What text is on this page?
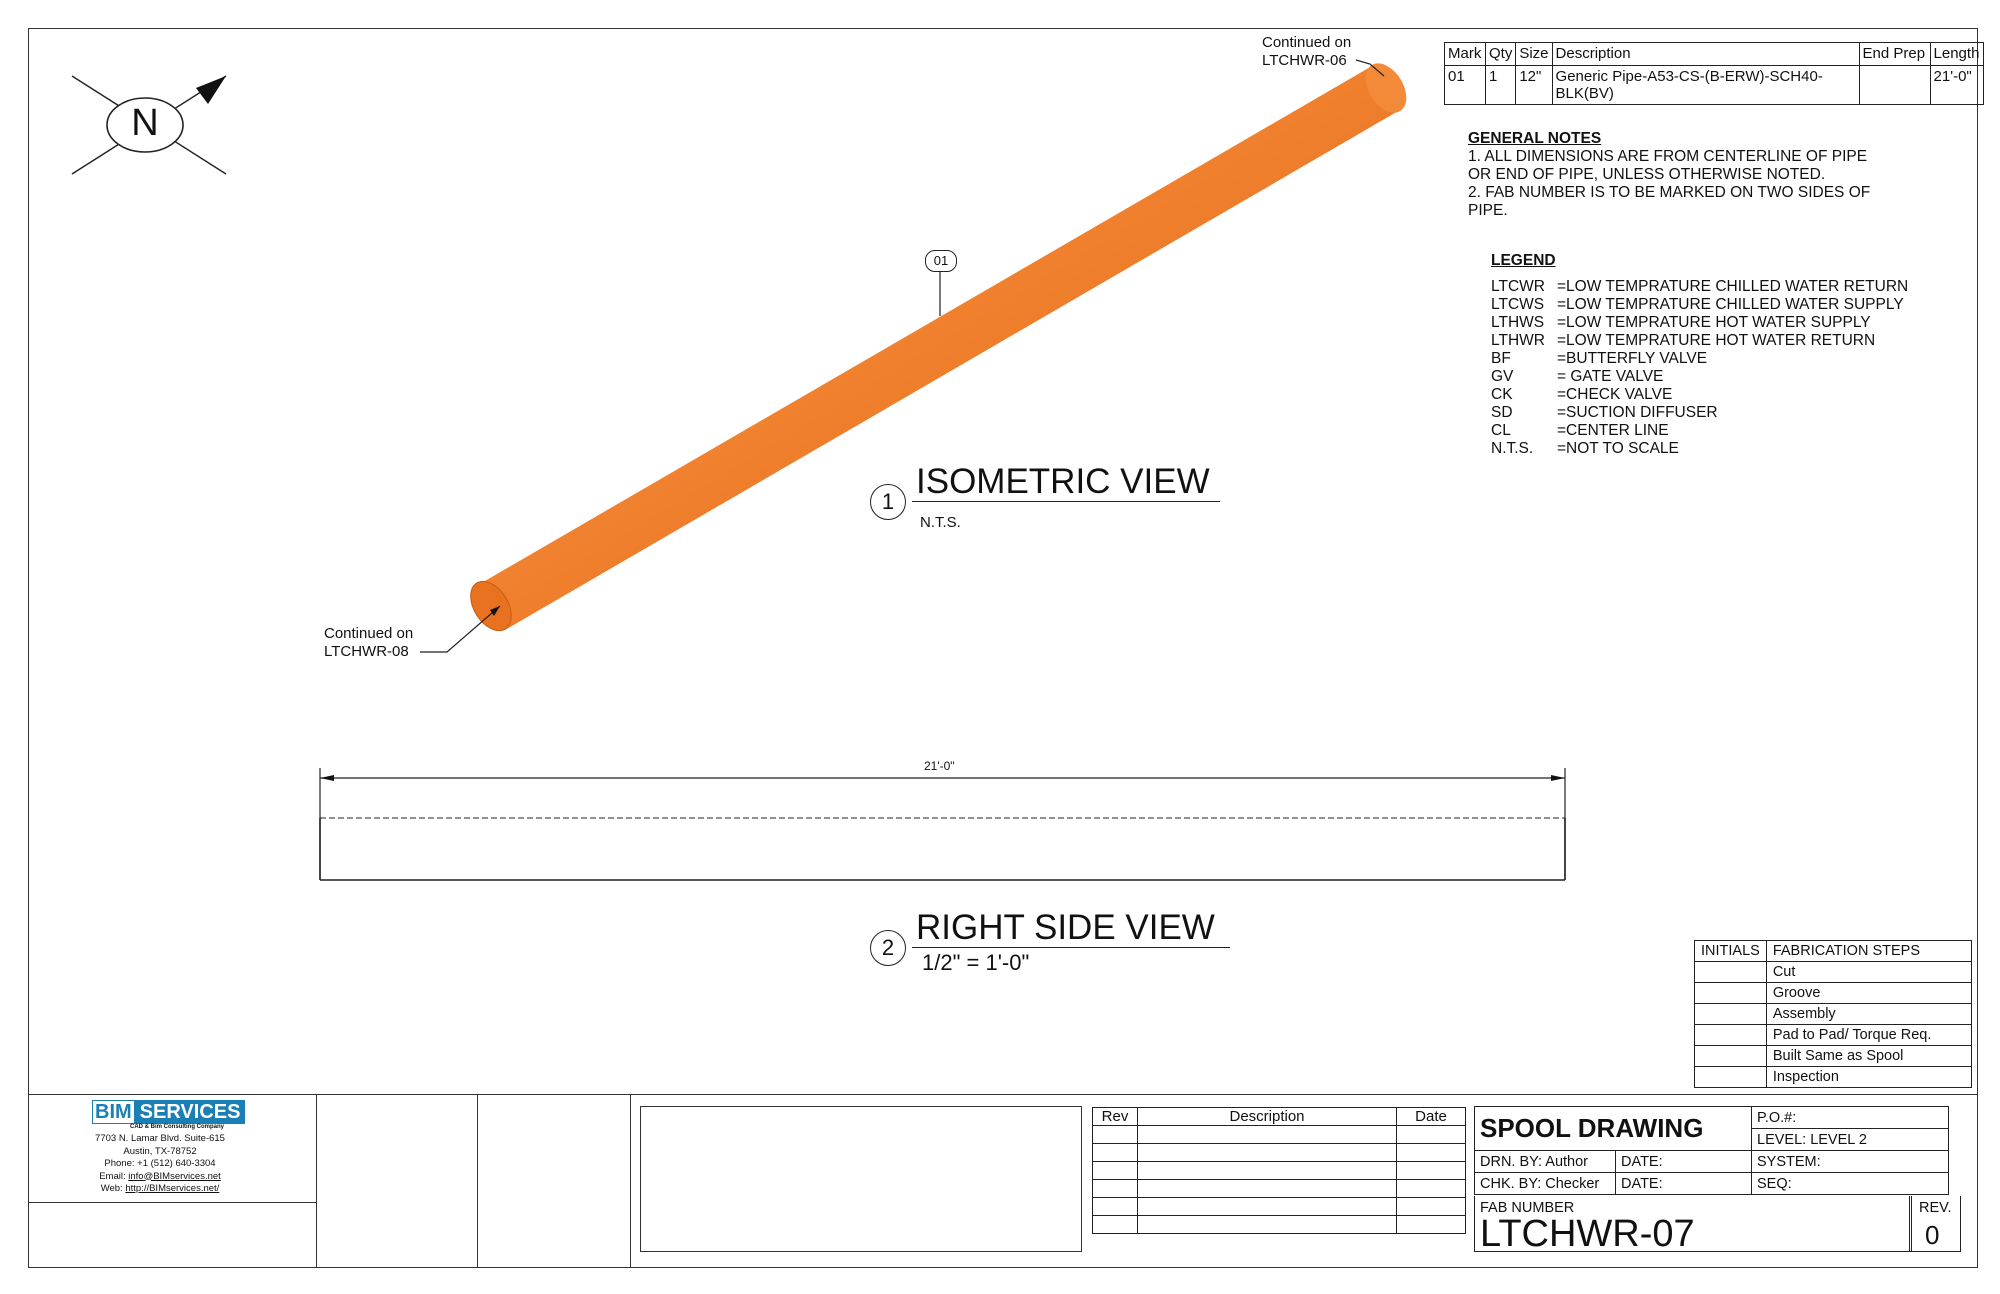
N
01
Continued on
LTCHWR-06
Continued on
LTCHWR-08
1
ISOMETRIC VIEW
N.T.S.
21'-0"
2
RIGHT SIDE VIEW
1/2" = 1'-0"
Mark	Qty	Size	Description	End Prep	Length
01	1	12"	Generic Pipe-A53-CS-(B-ERW)-SCH40-BLK(BV)		21'-0"
GENERAL NOTES
1. ALL DIMENSIONS ARE FROM CENTERLINE OF PIPE OR END OF PIPE, UNLESS OTHERWISE NOTED.
2. FAB NUMBER IS TO BE MARKED ON TWO SIDES OF PIPE.
LEGEND
LTCWR =LOW TEMPRATURE CHILLED WATER RETURN
LTCWS =LOW TEMPRATURE CHILLED WATER SUPPLY
LTHWS =LOW TEMPRATURE HOT WATER SUPPLY
LTHWR =LOW TEMPRATURE HOT WATER RETURN
BF	=BUTTERFLY VALVE
GV	= GATE VALVE
CK	=CHECK VALVE
SD	=SUCTION DIFFUSER
CL	=CENTER LINE
N.T.S.	=NOT TO SCALE
INITIALS	FABRICATION STEPS
	Cut
	Groove
	Assembly
	Pad to Pad/ Torque Req.
	Built Same as Spool
	Inspection
BIM SERVICES
CAD & Bim Consulting Company
7703 N. Lamar Blvd. Suite-615
Austin, TX-78752
Phone: +1 (512) 640-3304
Email: info@BIMservices.net
Web: http://BIMservices.net/
Rev	Description	Date

		SPOOL DRAWING		P.O.#:
		LEVEL: LEVEL 2
DRN. BY: Author	DATE:	SYSTEM:
CHK. BY: Checker	DATE:	SEQ:
FAB NUMBER
LTCHWR-07
REV.
0
